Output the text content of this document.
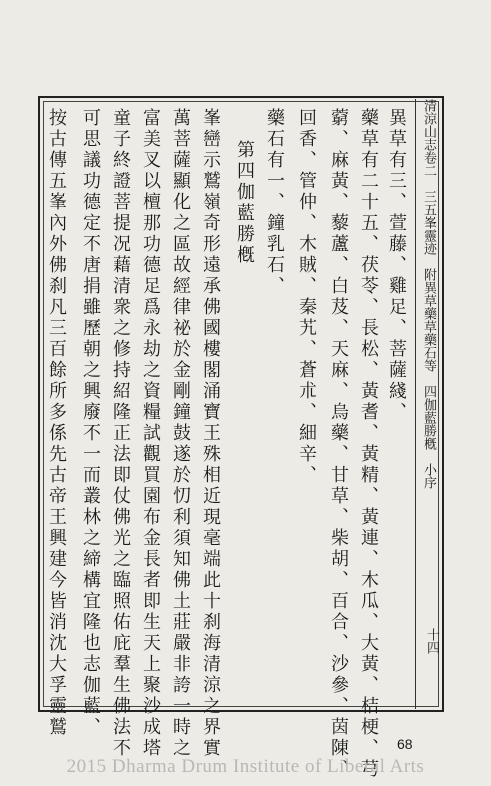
清涼山志卷二　三五峯靈迹　附異草藥草藥石等　四伽藍勝槪　小序
十四
異草有三、萱藤、雞足、菩薩綫、
藥草有二十五、茯苓、長松、黃耆、黃精、黃連、木瓜、大黃、桔梗、芎
藭、麻黃、藜蘆、白芨、天麻、烏藥、甘草、柴胡、百合、沙參、茵陳、
回香、管仲、木賊、秦艽、蒼朮、細辛、
藥石有一、鐘乳石、
第四伽藍勝槪
峯巒示鷲嶺奇形遠承佛國樓閣涌寶王殊相近現毫端此十刹海清涼之界實
萬菩薩顯化之區故經律祕於金剛鐘鼓遂於忉利須知佛土莊嚴非誇一時之
富美叉以檀那功德足爲永劫之資糧試觀買園布金長者即生天上聚沙成塔
童子終證菩提况藉清衆之修持紹隆正法即仗佛光之臨照佑庇羣生佛法不
可思議功德定不唐捐雖歷朝之興廢不一而叢林之締構宜隆也志伽藍、
按古傳五峯內外佛刹凡三百餘所多係先古帝王興建今皆消沈大孚靈鷲
68
2015 Dharma Drum Institute of Liberal Arts
